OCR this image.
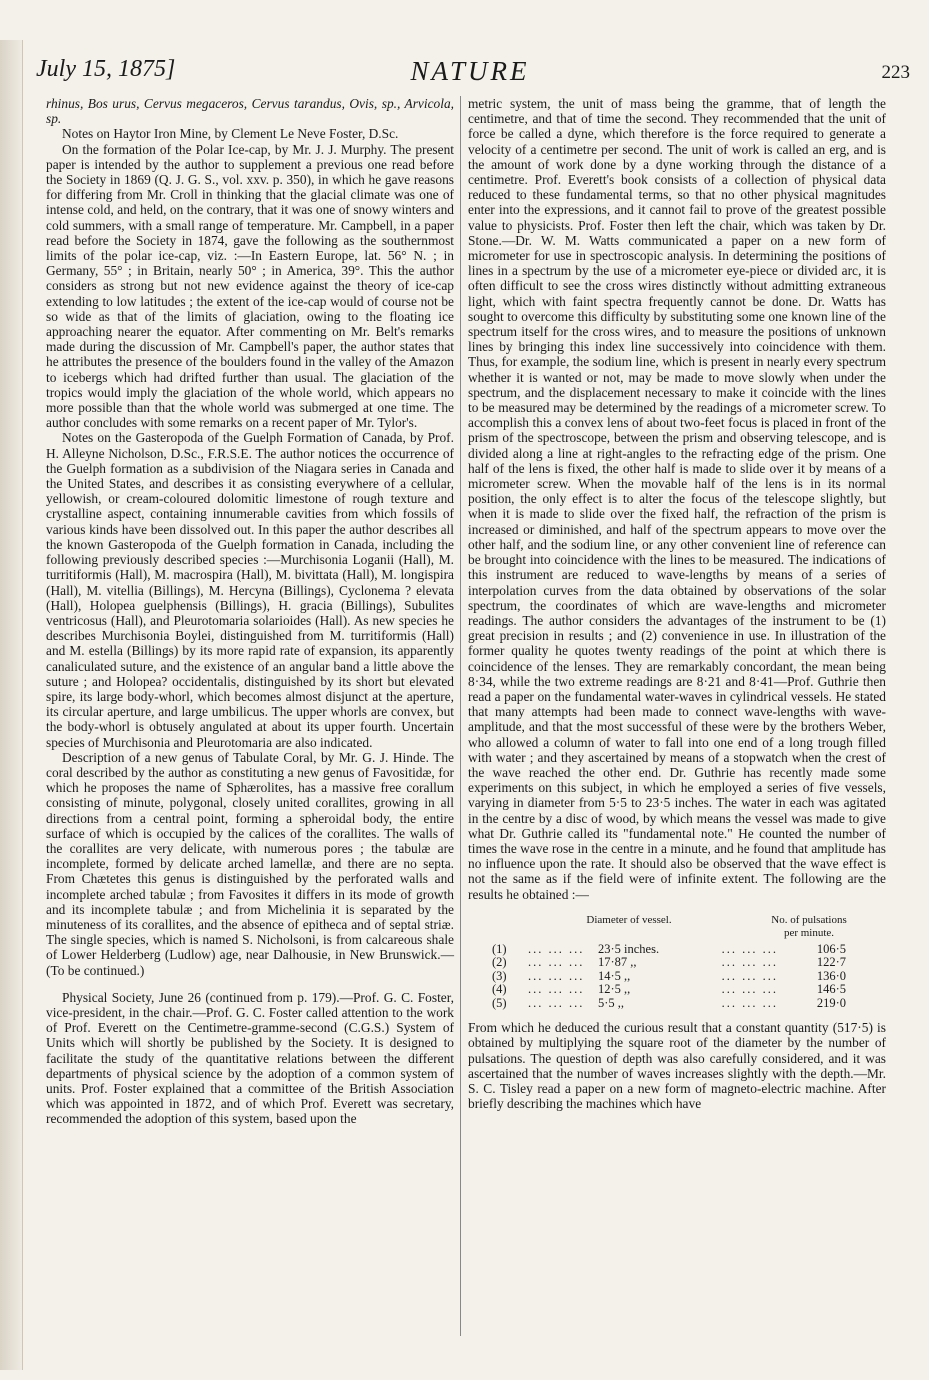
July 15, 1875]	NATURE	223

rhinus, Bos urus, Cervus megaceros, Cervus tarandus, Ovis, sp., Arvicola, sp.

Notes on Haytor Iron Mine, by Clement Le Neve Foster, D.Sc.

On the formation of the Polar Ice-cap, by Mr. J. J. Murphy. The present paper is intended by the author to supplement a previous one read before the Society in 1869 (Q. J. G. S., vol. xxv. p. 350), in which he gave reasons for differing from Mr. Croll in thinking that the glacial climate was one of intense cold, and held, on the contrary, that it was one of snowy winters and cold summers, with a small range of temperature. Mr. Campbell, in a paper read before the Society in 1874, gave the following as the southernmost limits of the polar ice-cap, viz. :—In Eastern Europe, lat. 56° N. ; in Germany, 55° ; in Britain, nearly 50° ; in America, 39°. This the author considers as strong but not new evidence against the theory of ice-cap extending to low latitudes ; the extent of the ice-cap would of course not be so wide as that of the limits of glaciation, owing to the floating ice approaching nearer the equator. After commenting on Mr. Belt's remarks made during the discussion of Mr. Campbell's paper, the author states that he attributes the presence of the boulders found in the valley of the Amazon to icebergs which had drifted further than usual. The glaciation of the tropics would imply the glaciation of the whole world, which appears no more possible than that the whole world was submerged at one time. The author concludes with some remarks on a recent paper of Mr. Tylor's.

Notes on the Gasteropoda of the Guelph Formation of Canada, by Prof. H. Alleyne Nicholson, D.Sc., F.R.S.E. The author notices the occurrence of the Guelph formation as a subdivision of the Niagara series in Canada and the United States, and describes it as consisting everywhere of a cellular, yellowish, or cream-coloured dolomitic limestone of rough texture and crystalline aspect, containing innumerable cavities from which fossils of various kinds have been dissolved out. In this paper the author describes all the known Gasteropoda of the Guelph formation in Canada, including the following previously described species :—Murchisonia Loganii (Hall), M. turritiformis (Hall), M. macrospira (Hall), M. bivittata (Hall), M. longispira (Hall), M. vitellia (Billings), M. Hercyna (Billings), Cyclonema ? elevata (Hall), Holopea guelphensis (Billings), H. gracia (Billings), Subulites ventricosus (Hall), and Pleurotomaria solarioides (Hall). As new species he describes Murchisonia Boylei, distinguished from M. turritiformis (Hall) and M. estella (Billings) by its more rapid rate of expansion, its apparently canaliculated suture, and the existence of an angular band a little above the suture ; and Holopea? occidentalis, distinguished by its short but elevated spire, its large body-whorl, which becomes almost disjunct at the aperture, its circular aperture, and large umbilicus. The upper whorls are convex, but the body-whorl is obtusely angulated at about its upper fourth. Uncertain species of Murchisonia and Pleurotomaria are also indicated.

Description of a new genus of Tabulate Coral, by Mr. G. J. Hinde. The coral described by the author as constituting a new genus of Favositidæ, for which he proposes the name of Sphærolites, has a massive free corallum consisting of minute, polygonal, closely united corallites, growing in all directions from a central point, forming a spheroidal body, the entire surface of which is occupied by the calices of the corallites. The walls of the corallites are very delicate, with numerous pores ; the tabulæ are incomplete, formed by delicate arched lamellæ, and there are no septa. From Chætetes this genus is distinguished by the perforated walls and incomplete arched tabulæ ; from Favosites it differs in its mode of growth and its incomplete tabulæ ; and from Michelinia it is separated by the minuteness of its corallites, and the absence of epitheca and of septal striæ. The single species, which is named S. Nicholsoni, is from calcareous shale of Lower Helderberg (Ludlow) age, near Dalhousie, in New Brunswick.—(To be continued.)

Physical Society, June 26 (continued from p. 179).—Prof. G. C. Foster, vice-president, in the chair.—Prof. G. C. Foster called attention to the work of Prof. Everett on the Centimetre-gramme-second (C.G.S.) System of Units which will shortly be published by the Society. It is designed to facilitate the study of the quantitative relations between the different departments of physical science by the adoption of a common system of units. Prof. Foster explained that a committee of the British Association which was appointed in 1872, and of which Prof. Everett was secretary, recommended the adoption of this system, based upon the

metric system, the unit of mass being the gramme, that of length the centimetre, and that of time the second. They recommended that the unit of force be called a dyne, which therefore is the force required to generate a velocity of a centimetre per second. The unit of work is called an erg, and is the amount of work done by a dyne working through the distance of a centimetre. Prof. Everett's book consists of a collection of physical data reduced to these fundamental terms, so that no other physical magnitudes enter into the expressions, and it cannot fail to prove of the greatest possible value to physicists. Prof. Foster then left the chair, which was taken by Dr. Stone.—Dr. W. M. Watts communicated a paper on a new form of micrometer for use in spectroscopic analysis. In determining the positions of lines in a spectrum by the use of a micrometer eye-piece or divided arc, it is often difficult to see the cross wires distinctly without admitting extraneous light, which with faint spectra frequently cannot be done. Dr. Watts has sought to overcome this difficulty by substituting some one known line of the spectrum itself for the cross wires, and to measure the positions of unknown lines by bringing this index line successively into coincidence with them. Thus, for example, the sodium line, which is present in nearly every spectrum whether it is wanted or not, may be made to move slowly when under the spectrum, and the displacement necessary to make it coincide with the lines to be measured may be determined by the readings of a micrometer screw. To accomplish this a convex lens of about two-feet focus is placed in front of the prism of the spectroscope, between the prism and observing telescope, and is divided along a line at right-angles to the refracting edge of the prism. One half of the lens is fixed, the other half is made to slide over it by means of a micrometer screw. When the movable half of the lens is in its normal position, the only effect is to alter the focus of the telescope slightly, but when it is made to slide over the fixed half, the refraction of the prism is increased or diminished, and half of the spectrum appears to move over the other half, and the sodium line, or any other convenient line of reference can be brought into coincidence with the lines to be measured. The indications of this instrument are reduced to wave-lengths by means of a series of interpolation curves from the data obtained by observations of the solar spectrum, the coordinates of which are wave-lengths and micrometer readings. The author considers the advantages of the instrument to be (1) great precision in results ; and (2) convenience in use. In illustration of the former quality he quotes twenty readings of the point at which there is coincidence of the lenses. They are remarkably concordant, the mean being 8·34, while the two extreme readings are 8·21 and 8·41—Prof. Guthrie then read a paper on the fundamental water-waves in cylindrical vessels. He stated that many attempts had been made to connect wave-lengths with wave-amplitude, and that the most successful of these were by the brothers Weber, who allowed a column of water to fall into one end of a long trough filled with water ; and they ascertained by means of a stopwatch when the crest of the wave reached the other end. Dr. Guthrie has recently made some experiments on this subject, in which he employed a series of five vessels, varying in diameter from 5·5 to 23·5 inches. The water in each was agitated in the centre by a disc of wood, by which means the vessel was made to give what Dr. Guthrie called its "fundamental note." He counted the number of times the wave rose in the centre in a minute, and he found that amplitude has no influence upon the rate. It should also be observed that the wave effect is not the same as if the field were of infinite extent. The following are the results he obtained :—

Diameter of vessel.	No. of pulsations per minute.
(1)	... ... ...	23·5 inches.	... ... ...	106·5
(2)	... ... ...	17·87 ,,	... ... ...	122·7
(3)	... ... ...	14·5 ,,	... ... ...	136·0
(4)	... ... ...	12·5 ,,	... ... ...	146·5
(5)	... ... ...	5·5 ,,	... ... ...	219·0

From which he deduced the curious result that a constant quantity (517·5) is obtained by multiplying the square root of the diameter by the number of pulsations. The question of depth was also carefully considered, and it was ascertained that the number of waves increases slightly with the depth.—Mr. S. C. Tisley read a paper on a new form of magneto-electric machine. After briefly describing the machines which have
